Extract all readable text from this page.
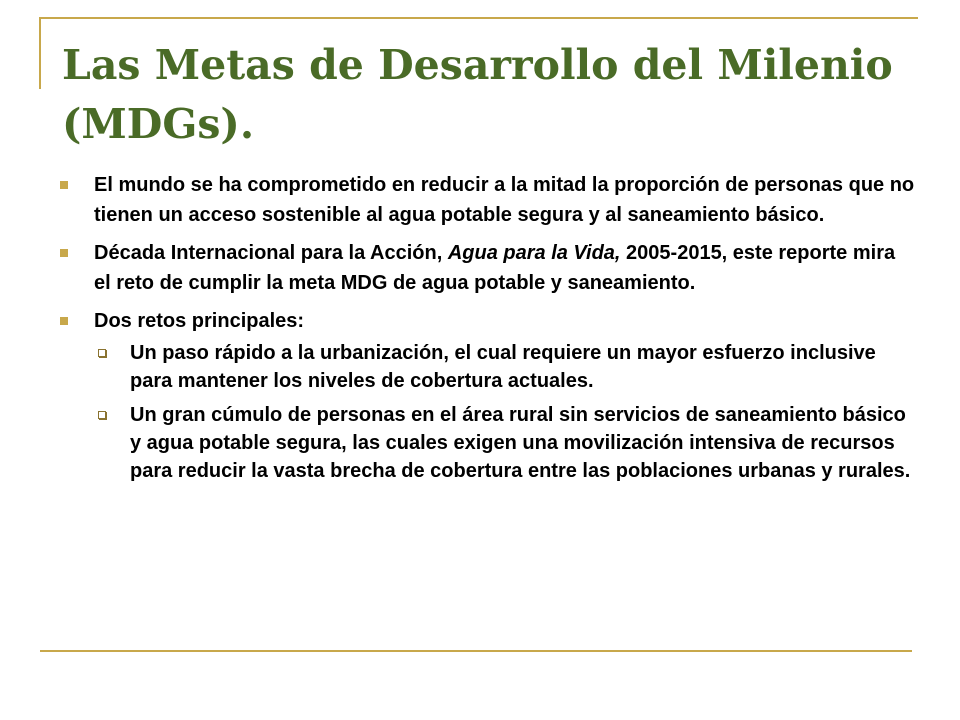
Las Metas de Desarrollo del Milenio (MDGs).
El mundo se ha comprometido en reducir a la mitad la proporción de personas que no tienen un acceso sostenible al agua potable segura y al saneamiento básico.
Década Internacional para la Acción, Agua para la Vida, 2005-2015, este reporte mira el reto de cumplir la meta MDG de agua potable y saneamiento.
Dos retos principales:
Un paso rápido a la urbanización, el cual requiere un mayor esfuerzo inclusive para mantener los niveles de cobertura actuales.
Un gran cúmulo de personas en el área rural sin servicios de saneamiento básico y agua potable segura, las cuales exigen una movilización intensiva de recursos para reducir la vasta brecha de cobertura entre las poblaciones urbanas y rurales.
